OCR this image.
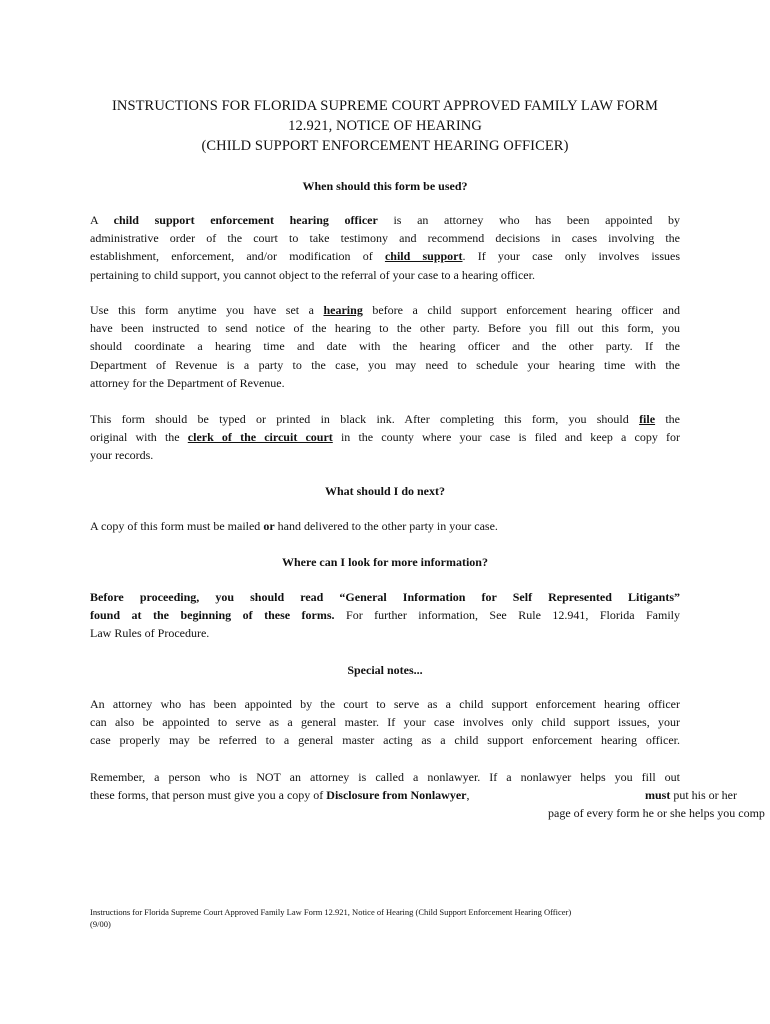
INSTRUCTIONS FOR FLORIDA SUPREME COURT APPROVED FAMILY LAW FORM
12.921, NOTICE OF HEARING
(CHILD SUPPORT ENFORCEMENT HEARING OFFICER)
When should this form be used?
A child support enforcement hearing officer is an attorney who has been appointed by
administrative order of the court to take testimony and recommend decisions in cases involving the
establishment, enforcement, and/or modification of child support. If your case only involves issues
pertaining to child support, you cannot object to the referral of your case to a hearing officer.
Use this form anytime you have set a hearing before a child support enforcement hearing officer and
have been instructed to send notice of the hearing to the other party. Before you fill out this form, you
should coordinate a hearing time and date with the hearing officer and the other party. If the
Department of Revenue is a party to the case, you may need to schedule your hearing time with the
attorney for the Department of Revenue.
This form should be typed or printed in black ink. After completing this form, you should file the
original with the clerk of the circuit court in the county where your case is filed and keep a copy for
your records.
What should I do next?
A copy of this form must be mailed or hand delivered to the other party in your case.
Where can I look for more information?
Before proceeding, you should read “General Information for Self Represented Litigants”
found at the beginning of these forms. For further information, See Rule 12.941, Florida Family
Law Rules of Procedure.
Special notes...
An attorney who has been appointed by the court to serve as a child support enforcement hearing officer
can also be appointed to serve as a general master. If your case involves only child support issues, your
case properly may be referred to a general master acting as a child support enforcement hearing officer.
Remember, a person who is NOT an attorney is called a nonlawyer. If a nonlawyer helps you fill out
these forms, that person must give you a copy of Disclosure from Nonlawyer,	must put his or her
page of every form he or she helps you comp
Instructions for Florida Supreme Court Approved Family Law Form 12.921, Notice of Hearing (Child Support Enforcement Hearing Officer)
(9/00)
